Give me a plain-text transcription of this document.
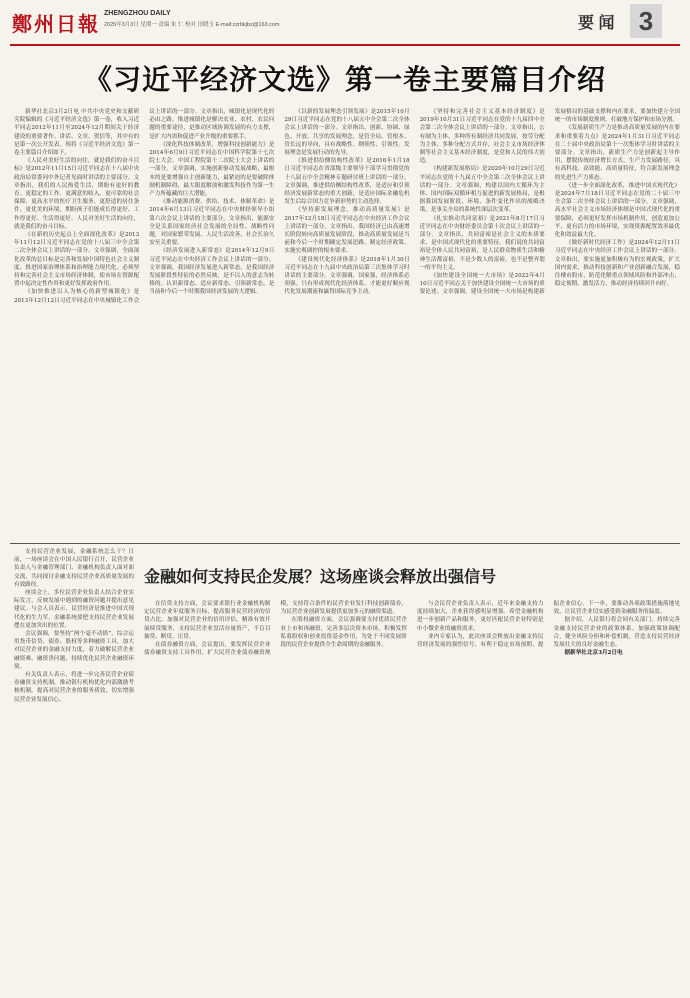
鄭州日報 ZHENGZHOU DAILY
2025年3月3日 星期一 责编 朱 仁 校对 田晓玉 E-mail:zzrbkjbz@163.com	要 闻 3
《习近平经济文选》第一卷主要篇目介绍

新华社北京3月2日电 中共中央党史和文献研究院编辑的《习近平经济文选》第一卷，收入习近平同志2012年11月至2024年12月期间关于经济建设的重要著作、讲话、文章、贺信等，其中有的是第一次公开发表。现将《习近平经济文选》第一卷主要篇目介绍如下。

《人民对美好生活的向往，就是我们的奋斗目标》是2012年11月15日习近平同志在十八届中央政治局常委同中外记者见面时讲话的主要部分。文章指出，我们的人民热爱生活，期盼有更好的教育、更稳定的工作、更满意的收入、更可靠的社会保障、更高水平的医疗卫生服务、更舒适的居住条件、更优美的环境，期盼孩子们能成长得更好、工作得更好、生活得更好。人民对美好生活的向往，就是我们的奋斗目标。

《在新的历史起点上全面深化改革》是2013年11月12日习近平同志在党的十八届三中全会第二次全体会议上讲话的一部分。文章强调，全面深化改革的总目标是完善和发展中国特色社会主义制度、推进国家治理体系和治理能力现代化。必须坚持和完善社会主义市场经济体制，使市场在资源配置中起决定性作用和更好发挥政府作用。

《加快推进以人为核心的新型城镇化》是2013年12月12日习近平同志在中央城镇化工作会议上讲话的一部分。文章指出，城镇化是现代化的必由之路，推进城镇化是解决农业、农村、农民问题的重要途径，是推动区域协调发展的有力支撑，是扩大内需和促进产业升级的重要抓手。

《深化科技体制改革，增强科技创新能力》是2014年6月9日习近平同志在中国科学院第十七次院士大会、中国工程院第十二次院士大会上讲话的一部分。文章强调，实施创新驱动发展战略，最根本的是要增强自主创新能力，最紧迫的是要破除体制机制障碍，最大限度解放和激发科技作为第一生产力所蕴藏的巨大潜能。

《推动能源消费、供给、技术、体制革命》是2014年6月13日习近平同志在中央财经领导小组第六次会议上讲话的主要部分。文章指出，能源安全是关系国家经济社会发展的全局性、战略性问题，对国家繁荣发展、人民生活改善、社会长治久安至关重要。

《经济发展进入新常态》是2014年12月9日习近平同志在中央经济工作会议上讲话的一部分。文章强调，我国经济发展进入新常态，是我国经济发展阶段性特征的必然反映，是不以人的意志为转移的。认识新常态、适应新常态、引领新常态，是当前和今后一个时期我国经济发展的大逻辑。

《以新的发展理念引领发展》是2015年10月29日习近平同志在党的十八届五中全会第二次全体会议上讲话的一部分。文章指出，创新、协调、绿色、开放、共享的发展理念，是管全局、管根本、管长远的导向，具有战略性、纲领性、引领性。发展理念是发展行动的先导。

《推进供给侧结构性改革》是2016年1月18日习近平同志在省部级主要领导干部学习贯彻党的十八届五中全会精神专题研讨班上讲话的一部分。文章强调，推进供给侧结构性改革，是适应和引领经济发展新常态的重大创新，是适应国际金融危机发生后综合国力竞争新形势的主动选择。

《坚持新发展理念，推动高质量发展》是2017年12月18日习近平同志在中央经济工作会议上讲话的一部分。文章指出，我国经济已由高速增长阶段转向高质量发展阶段，推动高质量发展是当前和今后一个时期确定发展思路、制定经济政策、实施宏观调控的根本要求。

《建设现代化经济体系》是2018年1月30日习近平同志在十九届中央政治局第三次集体学习时讲话的主要部分。文章强调，国家强，经济体系必须强。只有形成现代化经济体系，才能更好顺应现代化发展潮流和赢得国际竞争主动。

《坚持和完善社会主义基本经济制度》是2019年10月31日习近平同志在党的十九届四中全会第二次全体会议上讲话的一部分。文章指出，公有制为主体、多种所有制经济共同发展，按劳分配为主体、多种分配方式并存，社会主义市场经济体制等社会主义基本经济制度，是党和人民的伟大创造。

《构建新发展格局》是2020年10月29日习近平同志在党的十九届五中全会第二次全体会议上讲话的一部分。文章强调，构建以国内大循环为主体、国内国际双循环相互促进的新发展格局，是根据我国发展阶段、环境、条件变化作出的战略决策，是事关全局的系统性深层次变革。

《扎实推动共同富裕》是2021年8月17日习近平同志在中央财经委员会第十次会议上讲话的一部分。文章指出，共同富裕是社会主义的本质要求，是中国式现代化的重要特征。我们说的共同富裕是全体人民共同富裕，是人民群众物质生活和精神生活都富裕，不是少数人的富裕，也不是整齐划一的平均主义。

《加快建设全国统一大市场》是2022年4月10日习近平同志关于加快建设全国统一大市场的重要论述。文章强调，建设全国统一大市场是构建新发展格局的基础支撑和内在要求，要加快建立全国统一的市场制度规则，打破地方保护和市场分割。

《发展新质生产力是推动高质量发展的内在要求和重要着力点》是2024年1月31日习近平同志在二十届中央政治局第十一次集体学习时讲话的主要部分。文章指出，新质生产力是创新起主导作用，摆脱传统经济增长方式、生产力发展路径，具有高科技、高效能、高质量特征，符合新发展理念的先进生产力质态。

《进一步全面深化改革，推进中国式现代化》是2024年7月18日习近平同志在党的二十届三中全会第二次全体会议上讲话的一部分。文章强调，高水平社会主义市场经济体制是中国式现代化的重要保障，必须更好发挥市场机制作用，创造更加公平、更有活力的市场环境，实现资源配置效率最优化和效益最大化。

《做好新时代经济工作》是2024年12月11日习近平同志在中央经济工作会议上讲话的一部分。文章指出，要实施更加积极有为的宏观政策，扩大国内需求，推动科技创新和产业创新融合发展，稳住楼市股市，防范化解重点领域风险和外部冲击，稳定预期、激发活力，推动经济持续回升向好。

支持民营企业发展，金融系统怎么干？日前，一场座谈会在中国人民银行召开，民营企业负责人与金融管理部门、金融机构负责人面对面交流，共同探讨金融支持民营企业高质量发展的有效路径。

座谈会上，多位民营企业负责人结合企业实际发言，反映发展中遇到的融资问题并提出意见建议。与会人员表示，民营经济是推进中国式现代化的生力军，金融系统要把支持民营企业发展摆在更加突出的位置。

会议强调，要坚持“两个毫不动摇”，综合运用货币信贷、债券、股权等多种融资工具，加大对民营企业的金融支持力度，着力破解民营企业融资难、融资贵问题，持续优化民营企业融资环境。

有关负责人表示，将进一步完善民营企业债券融资支持机制，推动银行机构优化内部激励考核机制，提高对民营企业的服务质效，切实增强民营企业发展信心。

金融如何支持民企发展？这场座谈会释放出强信号

在信贷支持方面，会议要求银行业金融机构制定民营企业年度服务目标，提高服务民营经济的信贷占比。加强对民营企业的信用评估，精准有效开展续贷服务，支持民营企业盘活存量资产，不盲目抽贷、断贷、压贷。

在债券融资方面，会议提出，要发挥民营企业债券融资支持工具作用，扩大民营企业债券融资规模，支持符合条件的民营企业发行科技创新债券，为民营企业创新发展提供更加多元的融资渠道。

在股权融资方面，会议强调要支持优质民营企业上市和再融资，完善多层次资本市场，积极发挥私募股权和创业投资基金作用，为处于不同发展阶段的民营企业提供全生命周期的金融服务。

与会民营企业负责人表示，近年来金融支持力度持续加大，企业获得感明显增强。希望金融机构进一步创新产品和服务，更好匹配民营企业特别是中小微企业的融资需求。

业内专家认为，此次座谈会释放出金融支持民营经济发展的强烈信号，有利于稳定市场预期、提振企业信心。下一步，要推动各项政策措施落地见效，让民营企业切实感受到金融服务的温度。

据介绍，人民银行将会同有关部门，持续完善金融支持民营企业的政策体系，加强政策协调配合，健全风险分担和补偿机制，营造支持民营经济发展壮大的良好金融生态。

据新华社北京3月2日电
